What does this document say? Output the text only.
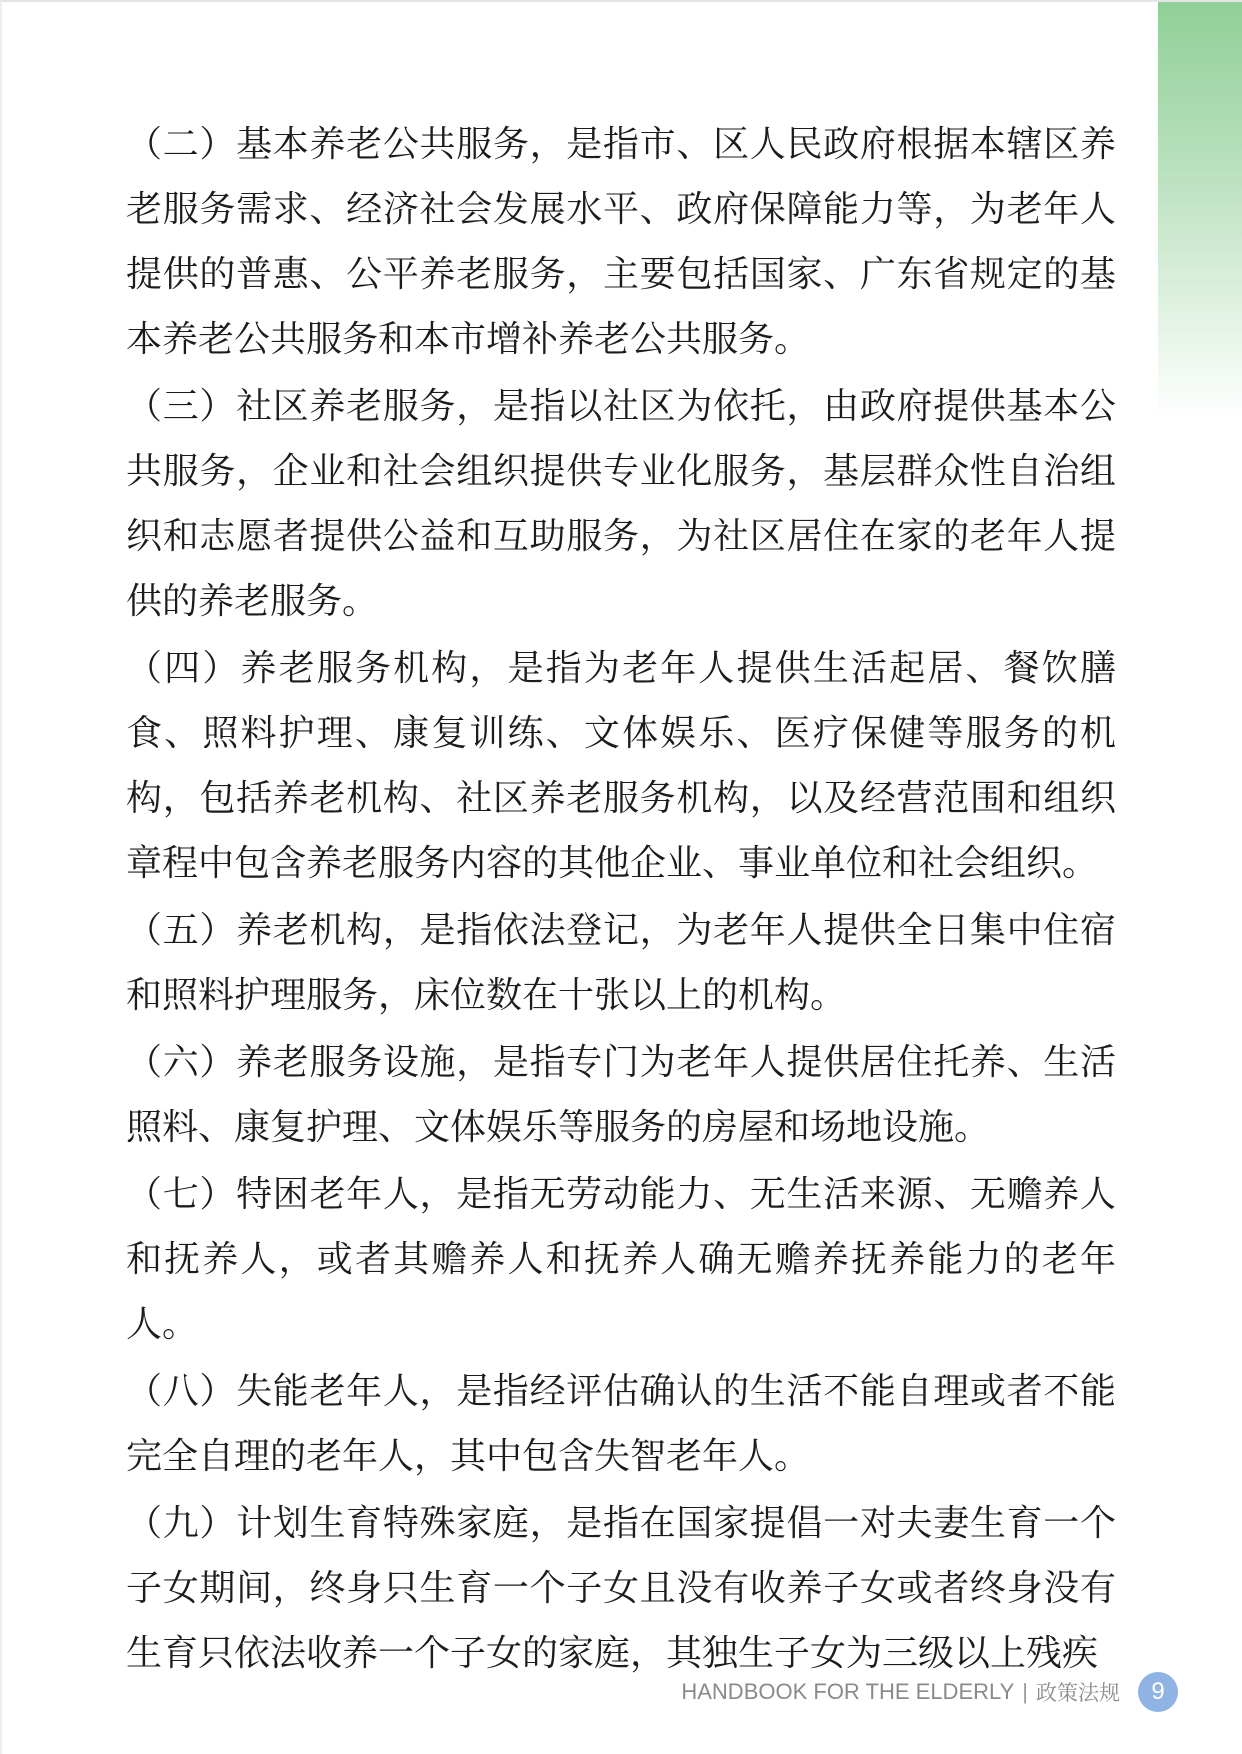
（二）基本养老公共服务，是指市、区人民政府根据本辖区养老服务需求、经济社会发展水平、政府保障能力等，为老年人提供的普惠、公平养老服务，主要包括国家、广东省规定的基本养老公共服务和本市增补养老公共服务。

（三）社区养老服务，是指以社区为依托，由政府提供基本公共服务，企业和社会组织提供专业化服务，基层群众性自治组织和志愿者提供公益和互助服务，为社区居住在家的老年人提供的养老服务。

（四）养老服务机构，是指为老年人提供生活起居、餐饮膳食、照料护理、康复训练、文体娱乐、医疗保健等服务的机构，包括养老机构、社区养老服务机构，以及经营范围和组织章程中包含养老服务内容的其他企业、事业单位和社会组织。

（五）养老机构，是指依法登记，为老年人提供全日集中住宿和照料护理服务，床位数在十张以上的机构。

（六）养老服务设施，是指专门为老年人提供居住托养、生活照料、康复护理、文体娱乐等服务的房屋和场地设施。

（七）特困老年人，是指无劳动能力、无生活来源、无赡养人和抚养人，或者其赡养人和抚养人确无赡养抚养能力的老年人。

（八）失能老年人，是指经评估确认的生活不能自理或者不能完全自理的老年人，其中包含失智老年人。

（九）计划生育特殊家庭，是指在国家提倡一对夫妻生育一个子女期间，终身只生育一个子女且没有收养子女或者终身没有生育只依法收养一个子女的家庭，其独生子女为三级以上残疾

HANDBOOK FOR THE ELDERLY | 政策法规	9
